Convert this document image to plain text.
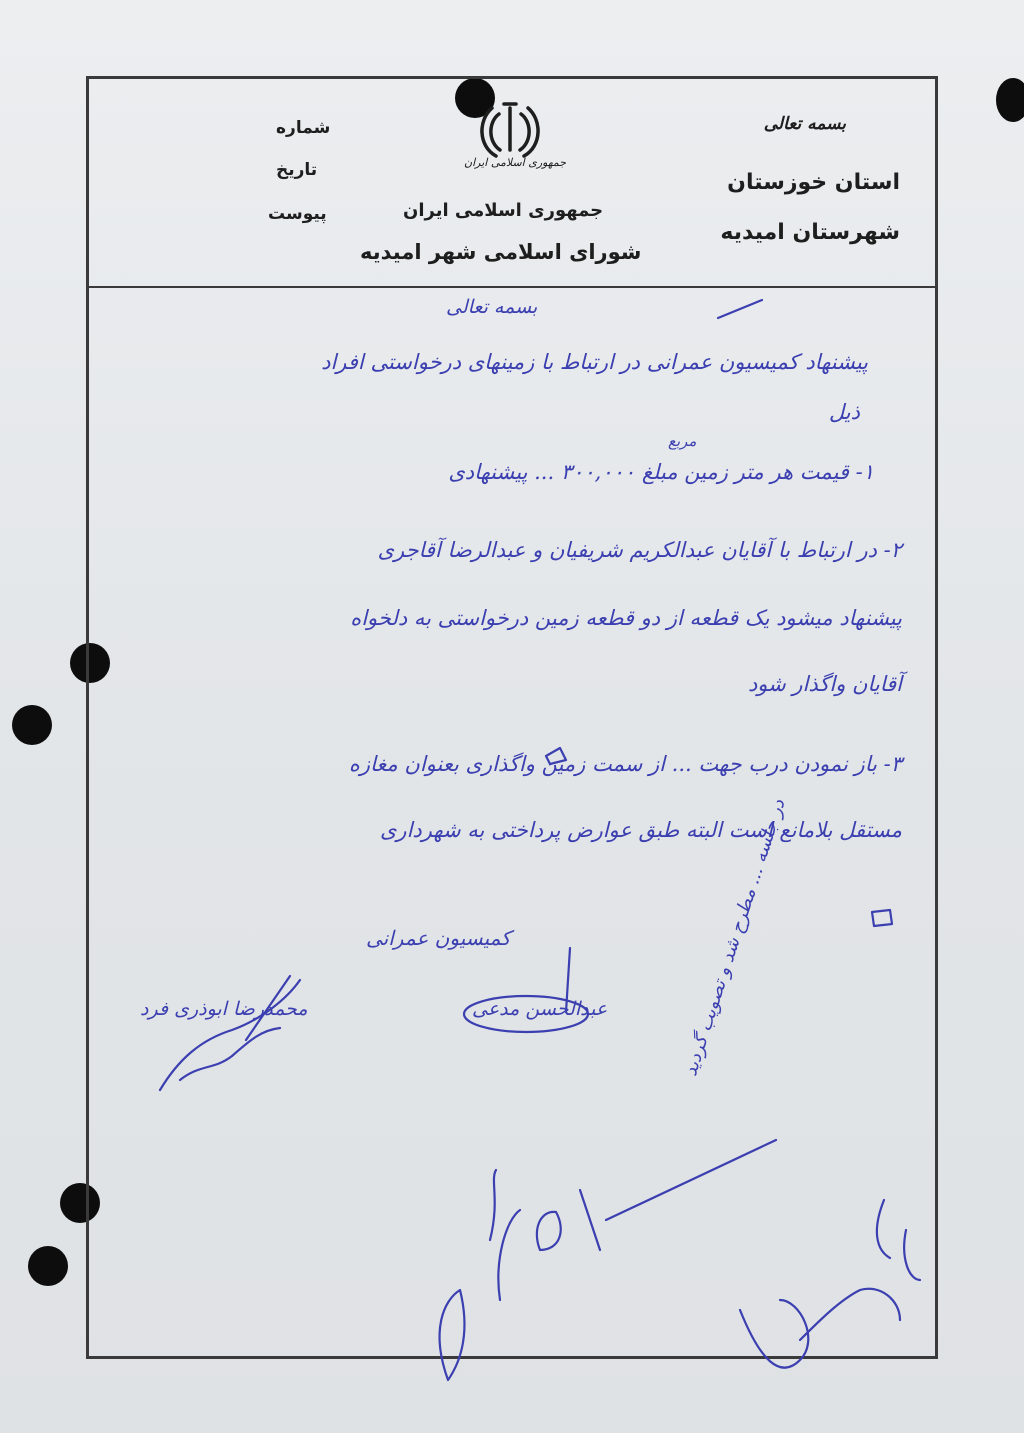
بسمه تعالی
استان خوزستان
شهرستان امیدیه
جمهوری اسلامی ایران
جمهوری اسلامی ایران
شورای اسلامی شهر امیدیه
شماره
تاریخ
پیوست
بسمه تعالی
پیشنهاد کمیسیون عمرانی در ارتباط با زمینهای درخواستی افراد
ذیل
مربع
۱- قیمت هر متر زمین مبلغ ۳۰۰,۰۰۰ ... پیشنهادی
۲- در ارتباط با آقایان عبدالکریم شریفیان و عبدالرضا آقاجری
پیشنهاد میشود یک قطعه از دو قطعه زمین درخواستی به دلخواه
آقایان واگذار شود
۳- باز نمودن درب جهت ... از سمت زمین واگذاری بعنوان مغازه
مستقل بلامانع است البته طبق عوارض پرداختی به شهرداری
کمیسیون عمرانی
عبدالحسن مدعی
محمدرضا ابوذری فرد	در جلسه ... مطرح شد و تصویب گردید
